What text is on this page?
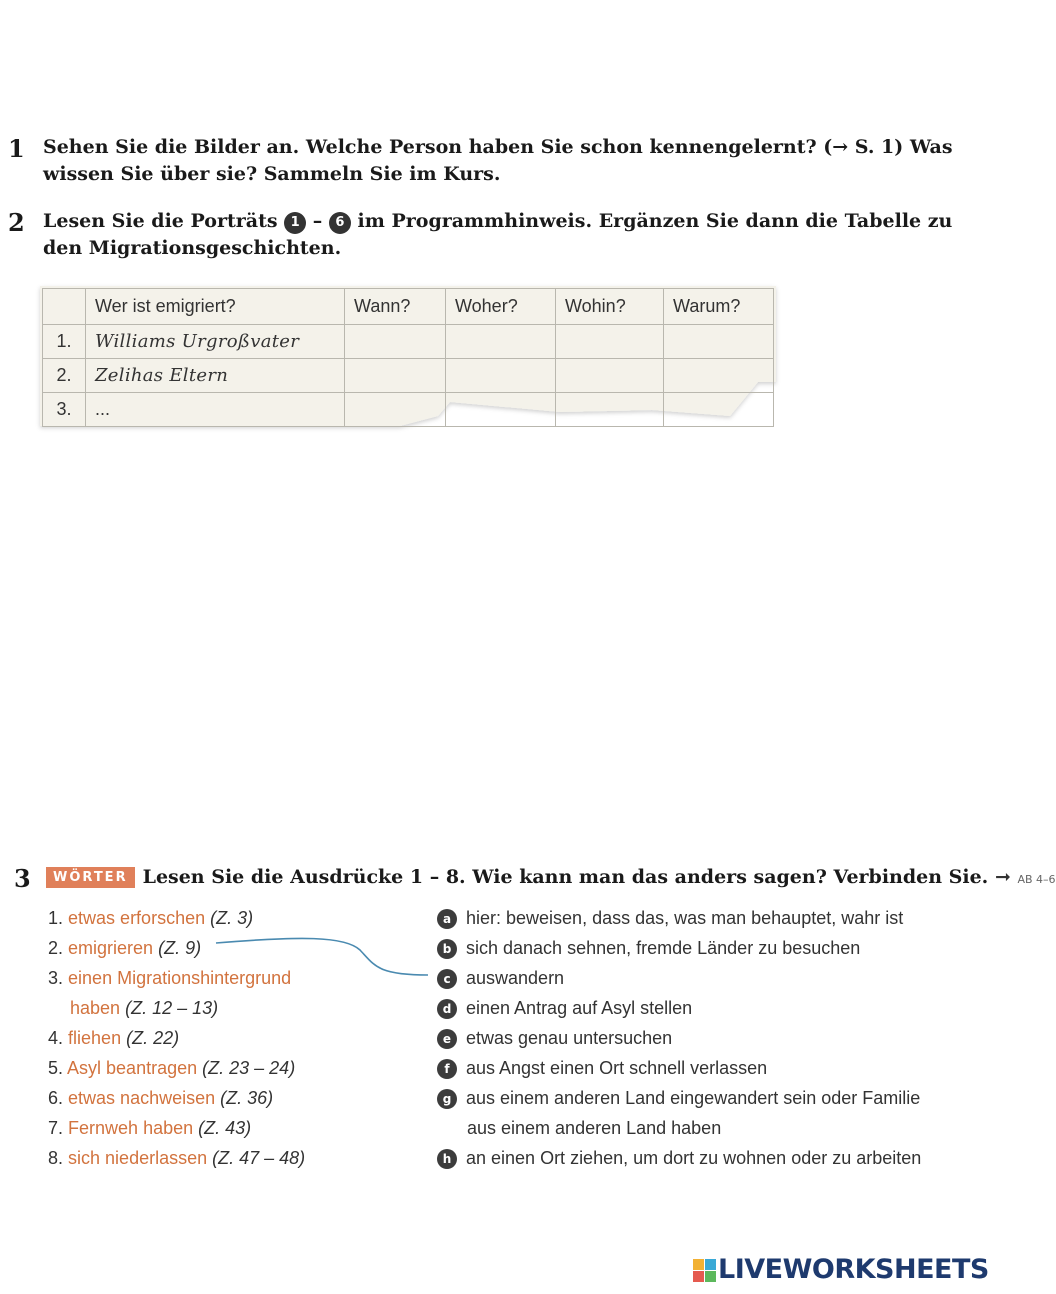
1 Sehen Sie die Bilder an. Welche Person haben Sie schon kennengelernt? (→ S. 1) Was wissen Sie über sie? Sammeln Sie im Kurs.
2 Lesen Sie die Porträts 1 – 6 im Programmhinweis. Ergänzen Sie dann die Tabelle zu den Migrationsgeschichten.
	Wer ist emigriert?	Wann?	Woher?	Wohin?	Warum?
1.	Williams Urgroßvater				
2.	Zelihas Eltern				
3.	...				
3	WÖRTER Lesen Sie die Ausdrücke 1 – 8. Wie kann man das anders sagen? Verbinden Sie. ➞ AB 4–6
1. etwas erforschen (Z. 3)
2. emigrieren (Z. 9)
3. einen Migrationshintergrund
haben (Z. 12 – 13)
4. fliehen (Z. 22)
5. Asyl beantragen (Z. 23 – 24)
6. etwas nachweisen (Z. 36)
7. Fernweh haben (Z. 43)
8. sich niederlassen (Z. 47 – 48)
a hier: beweisen, dass das, was man behauptet, wahr ist
b sich danach sehnen, fremde Länder zu besuchen
c auswandern
d einen Antrag auf Asyl stellen
e etwas genau untersuchen
f aus Angst einen Ort schnell verlassen
g aus einem anderen Land eingewandert sein oder Familie
aus einem anderen Land haben
h an einen Ort ziehen, um dort zu wohnen oder zu arbeiten
LIVEWORKSHEETS
